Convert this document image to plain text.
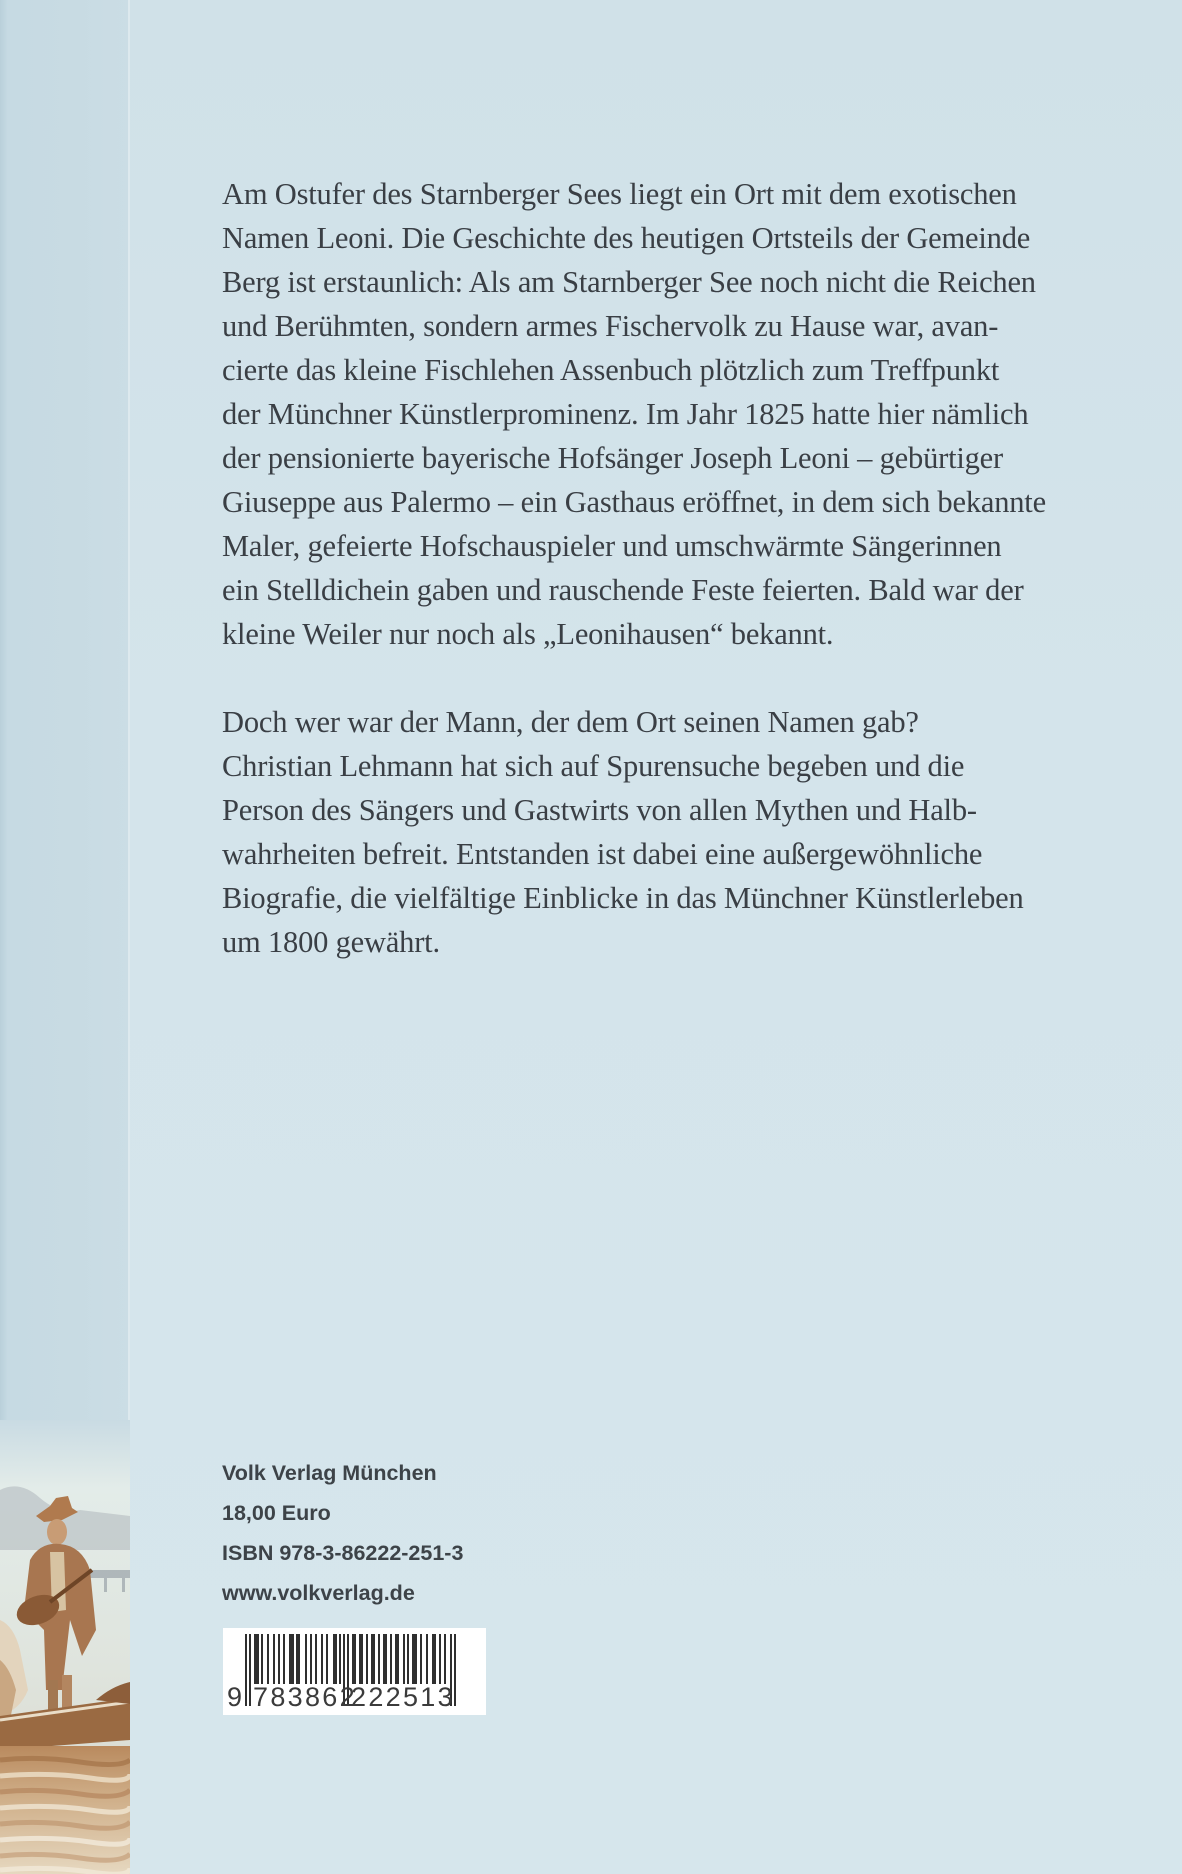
Am Ostufer des Starnberger Sees liegt ein Ort mit dem exotischen
Namen Leoni. Die Geschichte des heutigen Ortsteils der Gemeinde
Berg ist erstaunlich: Als am Starnberger See noch nicht die Reichen
und Berühmten, sondern armes Fischervolk zu Hause war, avan-
cierte das kleine Fischlehen Assenbuch plötzlich zum Treffpunkt
der Münchner Künstlerprominenz. Im Jahr 1825 hatte hier nämlich
der pensionierte bayerische Hofsänger Joseph Leoni – gebürtiger
Giuseppe aus Palermo – ein Gasthaus eröffnet, in dem sich bekannte
Maler, gefeierte Hofschauspieler und umschwärmte Sängerinnen
ein Stelldichein gaben und rauschende Feste feierten. Bald war der
kleine Weiler nur noch als „Leonihausen“ bekannt.
Doch wer war der Mann, der dem Ort seinen Namen gab?
Christian Lehmann hat sich auf Spurensuche begeben und die
Person des Sängers und Gastwirts von allen Mythen und Halb-
wahrheiten befreit. Entstanden ist dabei eine außergewöhnliche
Biografie, die vielfältige Einblicke in das Münchner Künstlerleben
um 1800 gewährt.
Volk Verlag München
18,00 Euro
ISBN 978-3-86222-251-3
www.volkverlag.de
9 783862
222513
